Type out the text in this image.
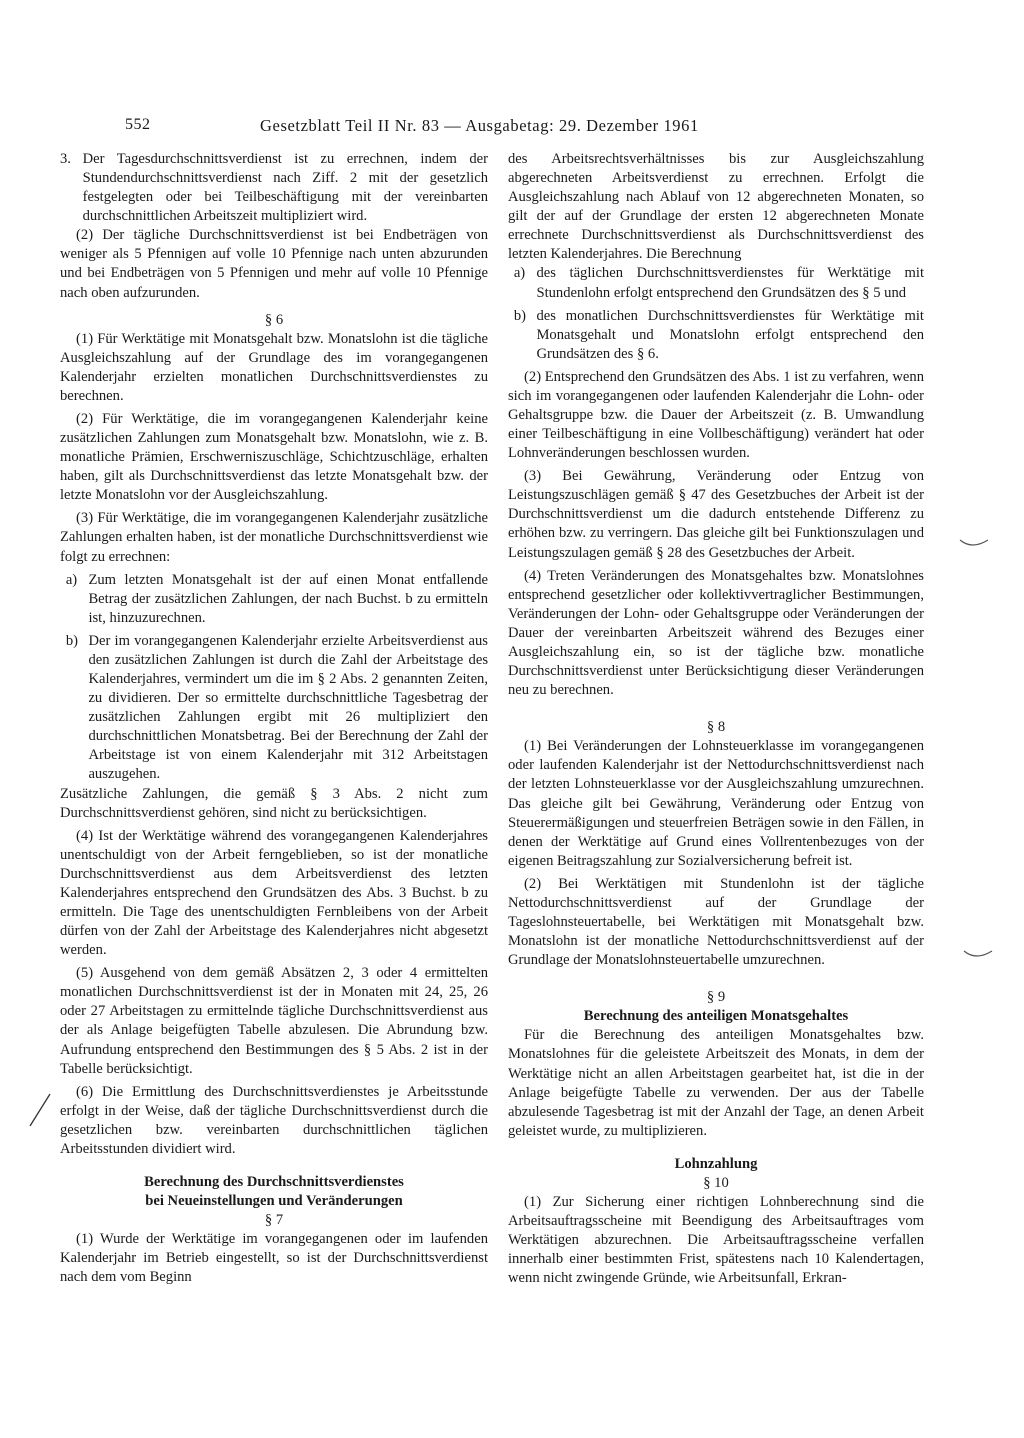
552	Gesetzblatt Teil II Nr. 83 — Ausgabetag: 29. Dezember 1961

3. Der Tagesdurchschnittsverdienst ist zu errechnen, indem der Stundendurchschnittsverdienst nach Ziff. 2 mit der gesetzlich festgelegten oder bei Teilbeschäftigung mit der vereinbarten durchschnittlichen Arbeitszeit multipliziert wird.

(2) Der tägliche Durchschnittsverdienst ist bei Endbeträgen von weniger als 5 Pfennigen auf volle 10 Pfennige nach unten abzurunden und bei Endbeträgen von 5 Pfennigen und mehr auf volle 10 Pfennige nach oben aufzurunden.

§ 6

(1) Für Werktätige mit Monatsgehalt bzw. Monatslohn ist die tägliche Ausgleichszahlung auf der Grundlage des im vorangegangenen Kalenderjahr erzielten monatlichen Durchschnittsverdienstes zu berechnen.

(2) Für Werktätige, die im vorangegangenen Kalenderjahr keine zusätzlichen Zahlungen zum Monatsgehalt bzw. Monatslohn, wie z. B. monatliche Prämien, Erschwerniszuschläge, Schichtzuschläge, erhalten haben, gilt als Durchschnittsverdienst das letzte Monatsgehalt bzw. der letzte Monatslohn vor der Ausgleichszahlung.

(3) Für Werktätige, die im vorangegangenen Kalenderjahr zusätzliche Zahlungen erhalten haben, ist der monatliche Durchschnittsverdienst wie folgt zu errechnen:

a) Zum letzten Monatsgehalt ist der auf einen Monat entfallende Betrag der zusätzlichen Zahlungen, der nach Buchst. b zu ermitteln ist, hinzuzurechnen.

b) Der im vorangegangenen Kalenderjahr erzielte Arbeitsverdienst aus den zusätzlichen Zahlungen ist durch die Zahl der Arbeitstage des Kalenderjahres, vermindert um die im § 2 Abs. 2 genannten Zeiten, zu dividieren. Der so ermittelte durchschnittliche Tagesbetrag der zusätzlichen Zahlungen ergibt mit 26 multipliziert den durchschnittlichen Monatsbetrag. Bei der Berechnung der Zahl der Arbeitstage ist von einem Kalenderjahr mit 312 Arbeitstagen auszugehen.

Zusätzliche Zahlungen, die gemäß § 3 Abs. 2 nicht zum Durchschnittsverdienst gehören, sind nicht zu berücksichtigen.

(4) Ist der Werktätige während des vorangegangenen Kalenderjahres unentschuldigt von der Arbeit ferngeblieben, so ist der monatliche Durchschnittsverdienst aus dem Arbeitsverdienst des letzten Kalenderjahres entsprechend den Grundsätzen des Abs. 3 Buchst. b zu ermitteln. Die Tage des unentschuldigten Fernbleibens von der Arbeit dürfen von der Zahl der Arbeitstage des Kalenderjahres nicht abgesetzt werden.

(5) Ausgehend von dem gemäß Absätzen 2, 3 oder 4 ermittelten monatlichen Durchschnittsverdienst ist der in Monaten mit 24, 25, 26 oder 27 Arbeitstagen zu ermittelnde tägliche Durchschnittsverdienst aus der als Anlage beigefügten Tabelle abzulesen. Die Abrundung bzw. Aufrundung entsprechend den Bestimmungen des § 5 Abs. 2 ist in der Tabelle berücksichtigt.

(6) Die Ermittlung des Durchschnittsverdienstes je Arbeitsstunde erfolgt in der Weise, daß der tägliche Durchschnittsverdienst durch die gesetzlichen bzw. vereinbarten durchschnittlichen täglichen Arbeitsstunden dividiert wird.

Berechnung des Durchschnittsverdienstes

bei Neueinstellungen und Veränderungen

§ 7

(1) Wurde der Werktätige im vorangegangenen oder im laufenden Kalenderjahr im Betrieb eingestellt, so ist der Durchschnittsverdienst nach dem vom Beginn

des Arbeitsrechtsverhältnisses bis zur Ausgleichszahlung abgerechneten Arbeitsverdienst zu errechnen. Erfolgt die Ausgleichszahlung nach Ablauf von 12 abgerechneten Monaten, so gilt der auf der Grundlage der ersten 12 abgerechneten Monate errechnete Durchschnittsverdienst als Durchschnittsverdienst des letzten Kalenderjahres. Die Berechnung

a) des täglichen Durchschnittsverdienstes für Werktätige mit Stundenlohn erfolgt entsprechend den Grundsätzen des § 5 und

b) des monatlichen Durchschnittsverdienstes für Werktätige mit Monatsgehalt und Monatslohn erfolgt entsprechend den Grundsätzen des § 6.

(2) Entsprechend den Grundsätzen des Abs. 1 ist zu verfahren, wenn sich im vorangegangenen oder laufenden Kalenderjahr die Lohn- oder Gehaltsgruppe bzw. die Dauer der Arbeitszeit (z. B. Umwandlung einer Teilbeschäftigung in eine Vollbeschäftigung) verändert hat oder Lohnveränderungen beschlossen wurden.

(3) Bei Gewährung, Veränderung oder Entzug von Leistungszuschlägen gemäß § 47 des Gesetzbuches der Arbeit ist der Durchschnittsverdienst um die dadurch entstehende Differenz zu erhöhen bzw. zu verringern. Das gleiche gilt bei Funktionszulagen und Leistungszulagen gemäß § 28 des Gesetzbuches der Arbeit.

(4) Treten Veränderungen des Monatsgehaltes bzw. Monatslohnes entsprechend gesetzlicher oder kollektivvertraglicher Bestimmungen, Veränderungen der Lohn- oder Gehaltsgruppe oder Veränderungen der Dauer der vereinbarten Arbeitszeit während des Bezuges einer Ausgleichszahlung ein, so ist der tägliche bzw. monatliche Durchschnittsverdienst unter Berücksichtigung dieser Veränderungen neu zu berechnen.

§ 8

(1) Bei Veränderungen der Lohnsteuerklasse im vorangegangenen oder laufenden Kalenderjahr ist der Nettodurchschnittsverdienst nach der letzten Lohnsteuerklasse vor der Ausgleichszahlung umzurechnen. Das gleiche gilt bei Gewährung, Veränderung oder Entzug von Steuerermäßigungen und steuerfreien Beträgen sowie in den Fällen, in denen der Werktätige auf Grund eines Vollrentenbezuges von der eigenen Beitragszahlung zur Sozialversicherung befreit ist.

(2) Bei Werktätigen mit Stundenlohn ist der tägliche Nettodurchschnittsverdienst auf der Grundlage der Tageslohnsteuertabelle, bei Werktätigen mit Monatsgehalt bzw. Monatslohn ist der monatliche Nettodurchschnittsverdienst auf der Grundlage der Monatslohnsteuertabelle umzurechnen.

§ 9

Berechnung des anteiligen Monatsgehaltes

Für die Berechnung des anteiligen Monatsgehaltes bzw. Monatslohnes für die geleistete Arbeitszeit des Monats, in dem der Werktätige nicht an allen Arbeitstagen gearbeitet hat, ist die in der Anlage beigefügte Tabelle zu verwenden. Der aus der Tabelle abzulesende Tagesbetrag ist mit der Anzahl der Tage, an denen Arbeit geleistet wurde, zu multiplizieren.

Lohnzahlung

§ 10

(1) Zur Sicherung einer richtigen Lohnberechnung sind die Arbeitsauftragsscheine mit Beendigung des Arbeitsauftrages vom Werktätigen abzurechnen. Die Arbeitsauftragsscheine verfallen innerhalb einer bestimmten Frist, spätestens nach 10 Kalendertagen, wenn nicht zwingende Gründe, wie Arbeitsunfall, Erkran-
